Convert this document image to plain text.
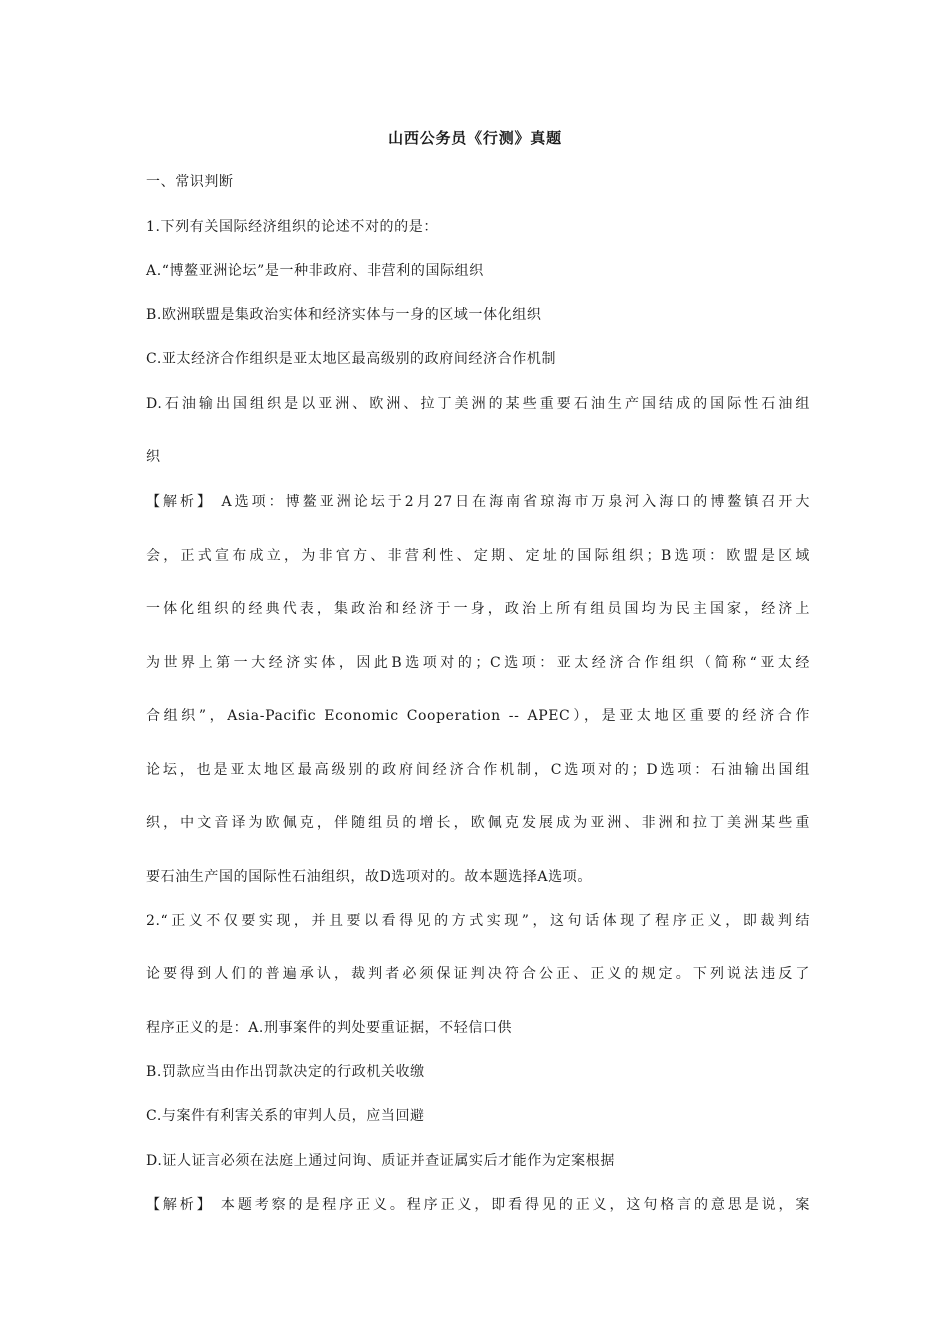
山西公务员《行测》真题
一、常识判断
1.下列有关国际经济组织的论述不对的的是：
A.“博鳌亚洲论坛”是一种非政府、非营利的国际组织
B.欧洲联盟是集政治实体和经济实体与一身的区域一体化组织
C.亚太经济合作组织是亚太地区最高级别的政府间经济合作机制
D.石油输出国组织是以亚洲、欧洲、拉丁美洲的某些重要石油生产国结成的国际性石油组
织
【解析】 A选项：博鳌亚洲论坛于2月27日在海南省琼海市万泉河入海口的博鳌镇召开大
会，正式宣布成立，为非官方、非营利性、定期、定址的国际组织；B选项：欧盟是区域
一体化组织的经典代表，集政治和经济于一身，政治上所有组员国均为民主国家，经济上
为世界上第一大经济实体，因此B选项对的；C选项：亚太经济合作组织（简称“亚太经
合组织”，Asia-Pacific Economic Cooperation -- APEC），是亚太地区重要的经济合作
论坛，也是亚太地区最高级别的政府间经济合作机制，C选项对的；D选项：石油输出国组
织，中文音译为欧佩克，伴随组员的增长，欧佩克发展成为亚洲、非洲和拉丁美洲某些重
要石油生产国的国际性石油组织，故D选项对的。故本题选择A选项。
2.“正义不仅要实现，并且要以看得见的方式实现”，这句话体现了程序正义，即裁判结
论要得到人们的普遍承认，裁判者必须保证判决符合公正、正义的规定。下列说法违反了
程序正义的是：A.刑事案件的判处要重证据，不轻信口供
B.罚款应当由作出罚款决定的行政机关收缴
C.与案件有利害关系的审判人员，应当回避
D.证人证言必须在法庭上通过问询、质证并查证属实后才能作为定案根据
【解析】 本题考察的是程序正义。程序正义，即看得见的正义，这句格言的意思是说，案
